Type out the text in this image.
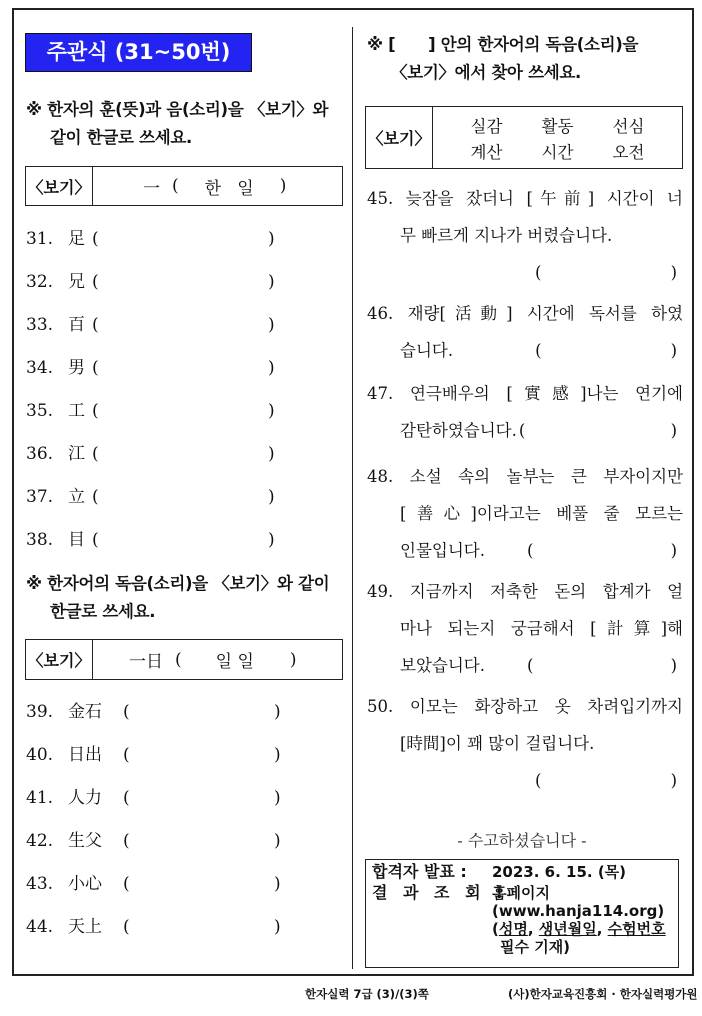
주관식 (31~50번)
※ 한자의 훈(뜻)과 음(소리)을 〈보기〉와
같이 한글로 쓰세요.
〈보기〉	一 ( 한   일 )
31. 足 (	)
32. 兄 (	)
33. 百 (	)
34. 男 (	)
35. 工 (	)
36. 江 (	)
37. 立 (	)
38. 目 (	)
※ 한자어의 독음(소리)을 〈보기〉와 같이
한글로 쓰세요.
〈보기〉 一日 ( 일 일 )
39. 金石 (	)
40. 日出 (	)
41. 人力 (	)
42. 生父 (	)
43. 小心 (	)
44. 天上 (	)
※ [      ] 안의 한자어의 독음(소리)을
〈보기〉에서 찾아 쓰세요.
〈보기〉
실감	활동	선심
계산	시간	오전
45. 늦잠을 잤더니 [午前] 시간이 너
무 빠르게 지나가 버렸습니다.
(	)
46. 재량[活動] 시간에 독서를 하였
습니다.	(	)
47. 연극배우의 [實感]나는 연기에
감탄하였습니다. (	)
48. 소설 속의 놀부는 큰 부자이지만
[善心]이라고는 베풀 줄 모르는
인물입니다.	(	)
49. 지금까지 저축한 돈의 합계가 얼
마나 되는지 궁금해서 [計算]해
보았습니다.	(	)
50. 이모는 화장하고 옷 차려입기까지
[時間]이 꽤 많이 걸립니다.
(	)
- 수고하셨습니다 -
합격자 발표 :	2023. 6. 15. (목)
결 과 조 회 :
홈페이지
(www.hanja114.org)
(성명, 생년월일, 수험번호
필수 기재)
한자실력 7급 (3)/(3)쪽	(사)한자교육진흥회 · 한자실력평가원
